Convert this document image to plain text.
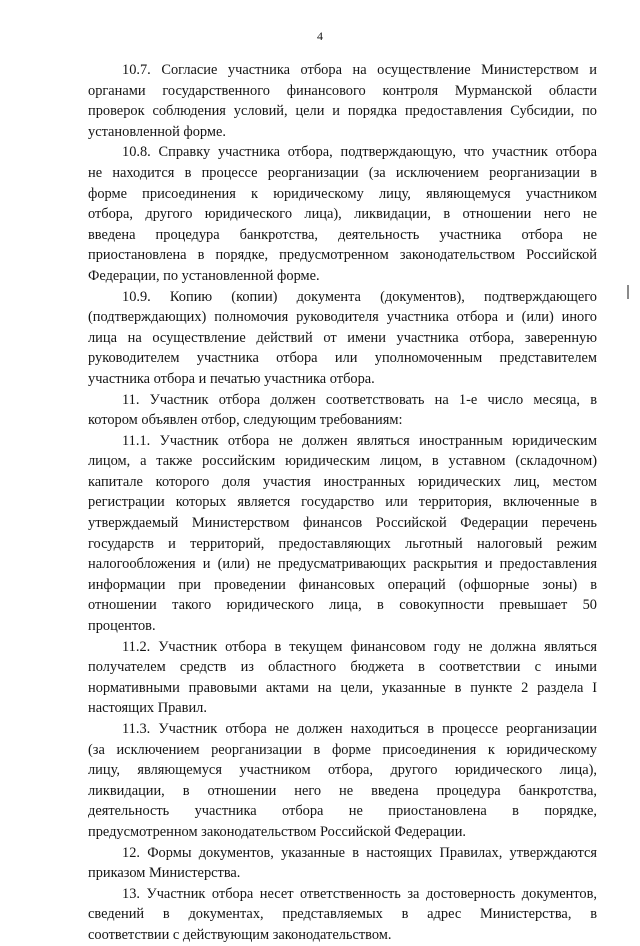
4

10.7. Согласие участника отбора на осуществление Министерством и
органами государственного финансового контроля Мурманской области
проверок соблюдения условий, цели и порядка предоставления Субсидии, по
установленной форме.

10.8. Справку участника отбора, подтверждающую, что участник отбора
не находится в процессе реорганизации (за исключением реорганизации в
форме присоединения к юридическому лицу, являющемуся участником
отбора, другого юридического лица), ликвидации, в отношении него не
введена процедура банкротства, деятельность участника отбора не
приостановлена в порядке, предусмотренном законодательством Российской
Федерации, по установленной форме.

10.9. Копию (копии) документа (документов), подтверждающего
(подтверждающих) полномочия руководителя участника отбора и (или) иного
лица на осуществление действий от имени участника отбора, заверенную
руководителем участника отбора или уполномоченным представителем
участника отбора и печатью участника отбора.

11. Участник отбора должен соответствовать на 1-е число месяца, в
котором объявлен отбор, следующим требованиям:

11.1. Участник отбора не должен являться иностранным юридическим
лицом, а также российским юридическим лицом, в уставном (складочном)
капитале которого доля участия иностранных юридических лиц, местом
регистрации которых является государство или территория, включенные в
утверждаемый Министерством финансов Российской Федерации перечень
государств и территорий, предоставляющих льготный налоговый режим
налогообложения и (или) не предусматривающих раскрытия и предоставления
информации при проведении финансовых операций (офшорные зоны) в
отношении такого юридического лица, в совокупности превышает 50
процентов.

11.2. Участник отбора в текущем финансовом году не должна являться
получателем средств из областного бюджета в соответствии с иными
нормативными правовыми актами на цели, указанные в пункте 2 раздела I
настоящих Правил.

11.3. Участник отбора не должен находиться в процессе реорганизации
(за исключением реорганизации в форме присоединения к юридическому
лицу, являющемуся участником отбора, другого юридического лица),
ликвидации, в отношении него не введена процедура банкротства,
деятельность участника отбора не приостановлена в порядке,
предусмотренном законодательством Российской Федерации.

12. Формы документов, указанные в настоящих Правилах, утверждаются
приказом Министерства.

13. Участник отбора несет ответственность за достоверность документов,
сведений в документах, представляемых в адрес Министерства, в
соответствии с действующим законодательством.
